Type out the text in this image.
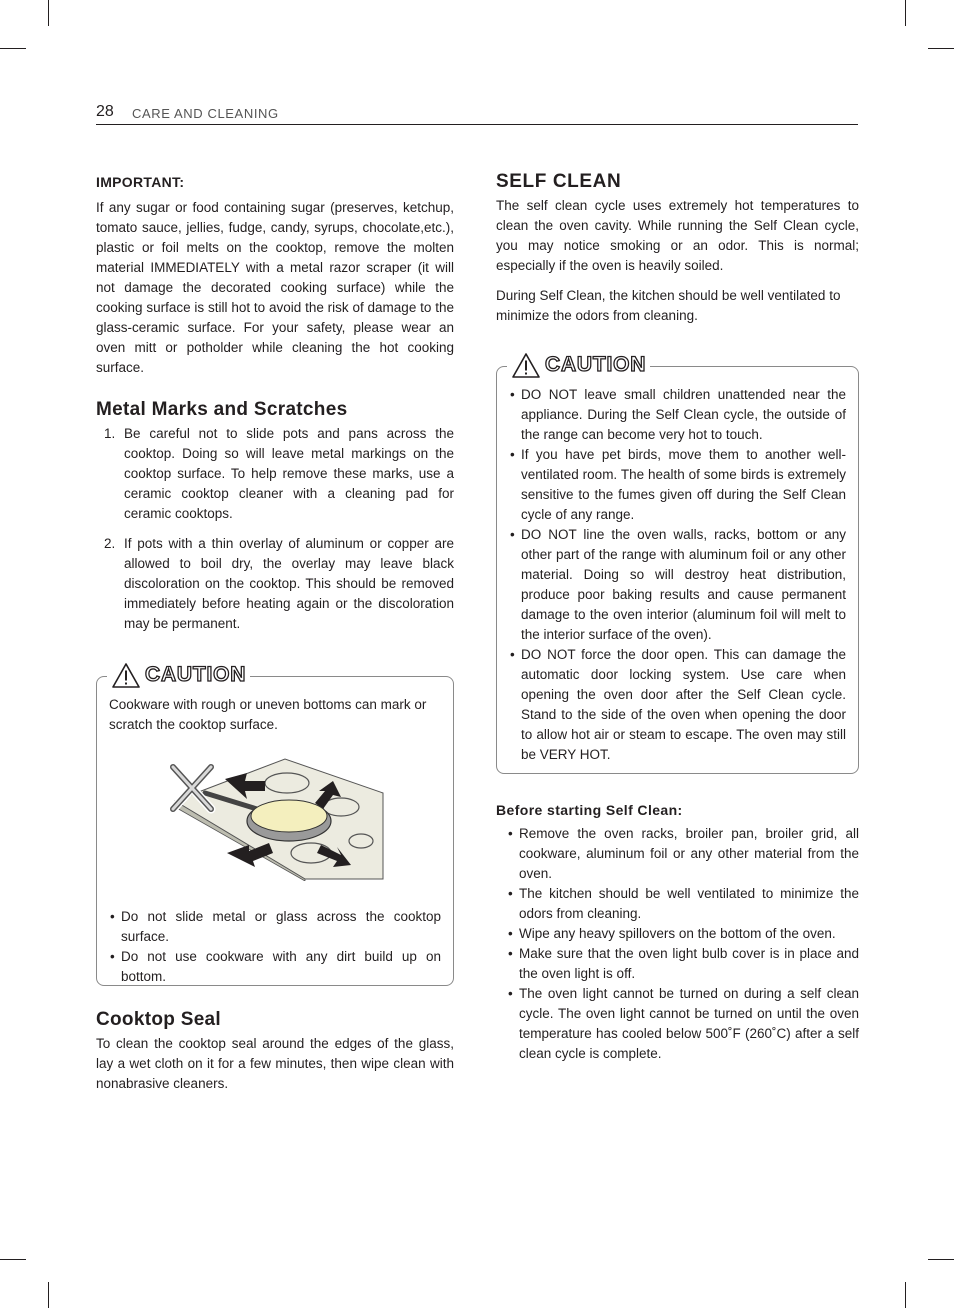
28 CARE AND CLEANING
IMPORTANT:

If any sugar or food containing sugar (preserves, ketchup, tomato sauce, jellies, fudge, candy, syrups, chocolate,etc.), plastic or foil melts on the cooktop, remove the molten material IMMEDIATELY with a metal razor scraper (it will not damage the decorated cooking surface) while the cooking surface is still hot to avoid the risk of damage to the glass-ceramic surface. For your safety, please wear an oven mitt or potholder while cleaning the hot cooking surface.

Metal Marks and Scratches
1. Be careful not to slide pots and pans across the cooktop. Doing so will leave metal markings on the cooktop surface. To help remove these marks, use a ceramic cooktop cleaner with a cleaning pad for ceramic cooktops.
2. If pots with a thin overlay of aluminum or copper are allowed to boil dry, the overlay may leave black discoloration on the cooktop. This should be removed immediately before heating again or the discoloration may be permanent.
CAUTION

Cookware with rough or uneven bottoms can mark or scratch the cooktop surface.

• Do not slide metal or glass across the cooktop surface.
• Do not use cookware with any dirt build up on bottom.
Cooktop Seal

To clean the cooktop seal around the edges of the glass, lay a wet cloth on it for a few minutes, then wipe clean with nonabrasive cleaners.

SELF CLEAN

The self clean cycle uses extremely hot temperatures to clean the oven cavity. While running the Self Clean cycle, you may notice smoking or an odor. This is normal; especially if the oven is heavily soiled.

During Self Clean, the kitchen should be well ventilated to minimize the odors from cleaning.

CAUTION
• DO NOT leave small children unattended near the appliance. During the Self Clean cycle, the outside of the range can become very hot to touch.
• If you have pet birds, move them to another well-ventilated room. The health of some birds is extremely sensitive to the fumes given off during the Self Clean cycle of any range.
• DO NOT line the oven walls, racks, bottom or any other part of the range with aluminum foil or any other material. Doing so will destroy heat distribution, produce poor baking results and cause permanent damage to the oven interior (aluminum foil will melt to the interior surface of the oven).
• DO NOT force the door open. This can damage the automatic door locking system. Use care when opening the oven door after the Self Clean cycle. Stand to the side of the oven when opening the door to allow hot air or steam to escape. The oven may still be VERY HOT.
Before starting Self Clean:
• Remove the oven racks, broiler pan, broiler grid, all cookware, aluminum foil or any other material from the oven.
• The kitchen should be well ventilated to minimize the odors from cleaning.
• Wipe any heavy spillovers on the bottom of the oven.
• Make sure that the oven light bulb cover is in place and the oven light is off.
• The oven light cannot be turned on during a self clean cycle. The oven light cannot be turned on until the oven temperature has cooled below 500˚F (260˚C) after a self clean cycle is complete.
